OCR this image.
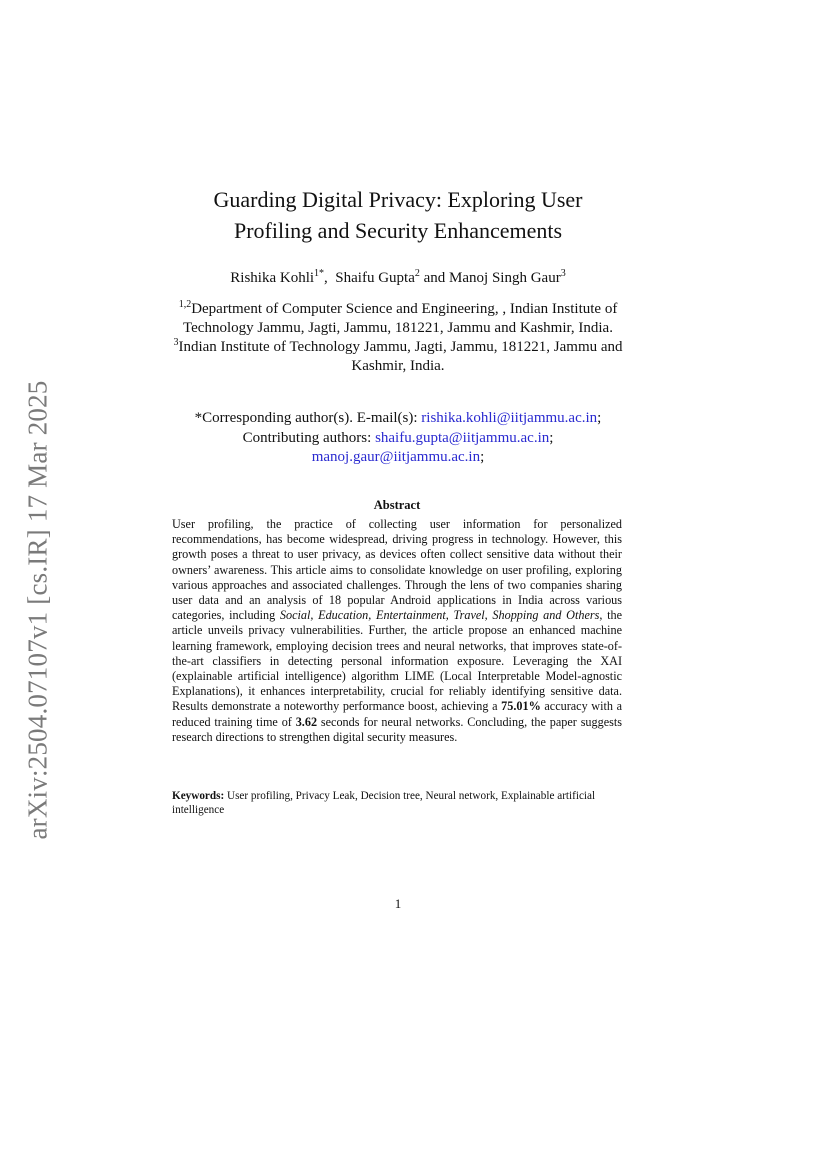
arXiv:2504.07107v1 [cs.IR] 17 Mar 2025
Guarding Digital Privacy: Exploring User
Profiling and Security Enhancements
Rishika Kohli$^{1*}$,  Shaifu Gupta$^2$ and Manoj Singh Gaur$^3$
$^{1,2}$Department of Computer Science and Engineering, , Indian Institute of Technology Jammu, Jagti, Jammu, 181221, Jammu and Kashmir, India.
$^3$Indian Institute of Technology Jammu, Jagti, Jammu, 181221, Jammu and Kashmir, India.
*Corresponding author(s). E-mail(s): rishika.kohli@iitjammu.ac.in;
Contributing authors: shaifu.gupta@iitjammu.ac.in;
manoj.gaur@iitjammu.ac.in;
Abstract
User profiling, the practice of collecting user information for personalized recommendations, has become widespread, driving progress in technology. However, this growth poses a threat to user privacy, as devices often collect sensitive data without their owners’ awareness. This article aims to consolidate knowledge on user profiling, exploring various approaches and associated challenges. Through the lens of two companies sharing user data and an analysis of 18 popular Android applications in India across various categories, including Social, Education, Entertainment, Travel, Shopping and Others, the article unveils privacy vulnerabilities. Further, the article propose an enhanced machine learning framework, employing decision trees and neural networks, that improves state-of-the-art classifiers in detecting personal information exposure. Leveraging the XAI (explainable artificial intelligence) algorithm LIME (Local Interpretable Model-agnostic Explanations), it enhances interpretability, crucial for reliably identifying sensitive data. Results demonstrate a noteworthy performance boost, achieving a 75.01% accuracy with a reduced training time of 3.62 seconds for neural networks. Concluding, the paper suggests research directions to strengthen digital security measures.
Keywords: User profiling, Privacy Leak, Decision tree, Neural network, Explainable artificial intelligence
1
